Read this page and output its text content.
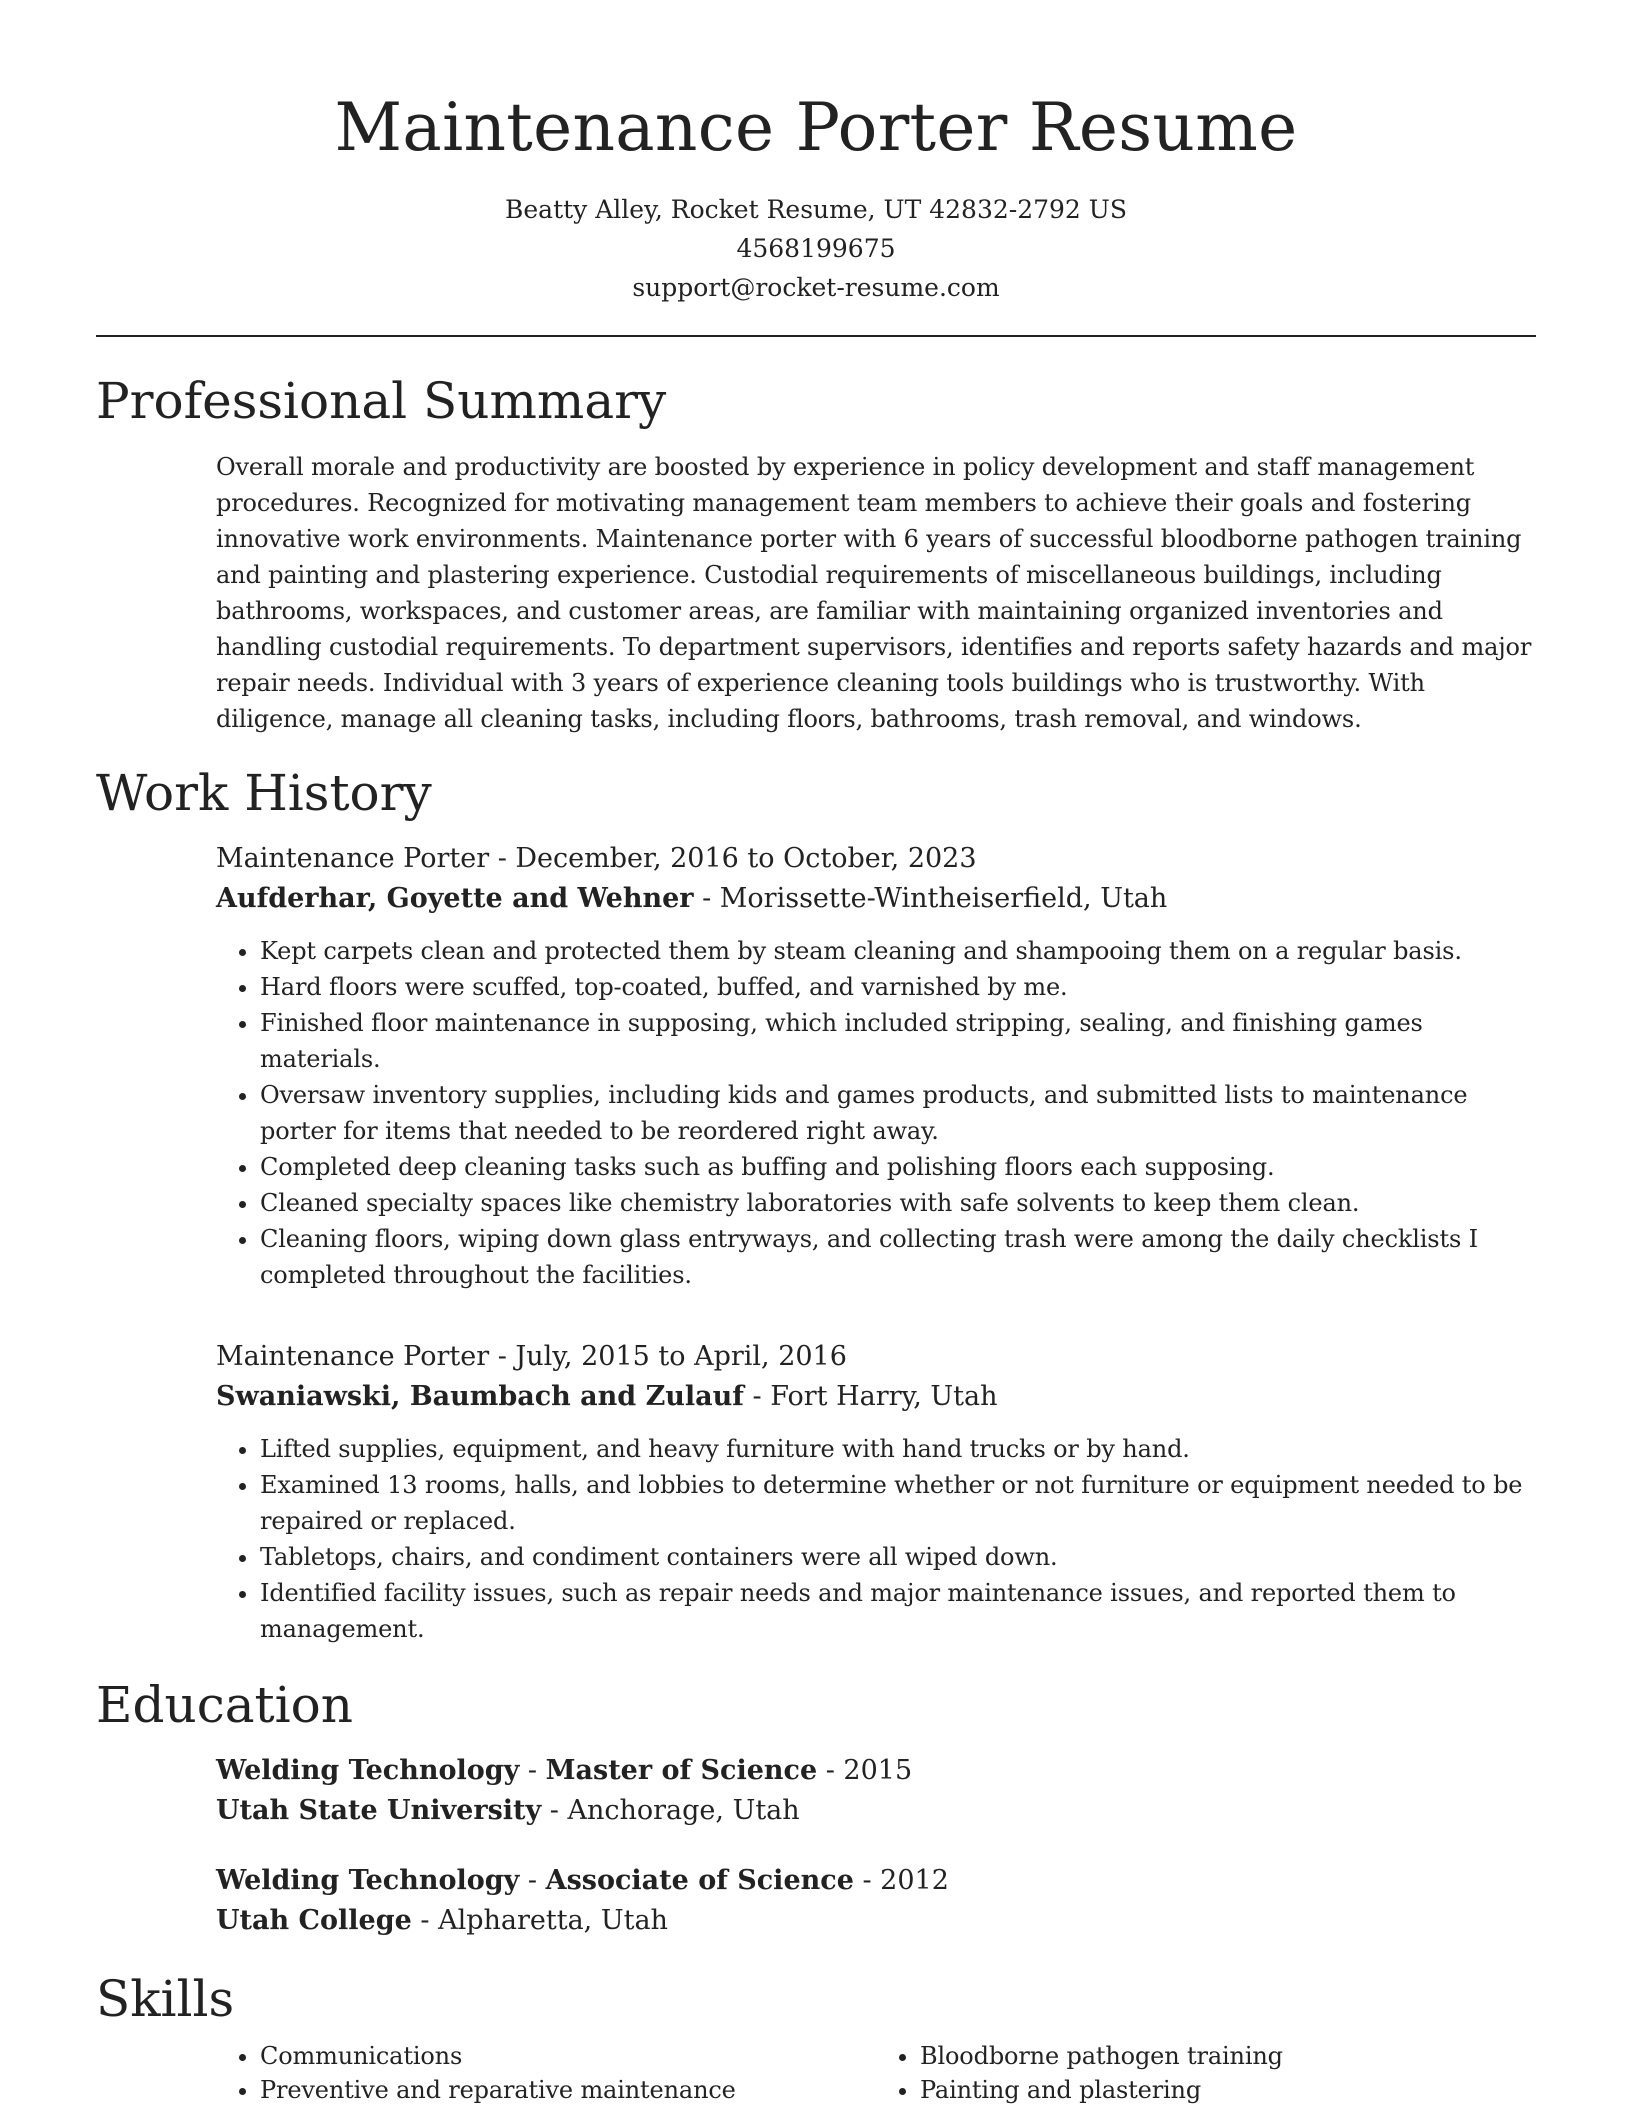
Maintenance Porter Resume
Beatty Alley, Rocket Resume, UT 42832-2792 US
4568199675
support@rocket-resume.com
Professional Summary
Overall morale and productivity are boosted by experience in policy development and staff management procedures. Recognized for motivating management team members to achieve their goals and fostering innovative work environments. Maintenance porter with 6 years of successful bloodborne pathogen training and painting and plastering experience. Custodial requirements of miscellaneous buildings, including bathrooms, workspaces, and customer areas, are familiar with maintaining organized inventories and handling custodial requirements. To department supervisors, identifies and reports safety hazards and major repair needs. Individual with 3 years of experience cleaning tools buildings who is trustworthy. With diligence, manage all cleaning tasks, including floors, bathrooms, trash removal, and windows.
Work History
Maintenance Porter - December, 2016 to October, 2023
Aufderhar, Goyette and Wehner - Morissette-Wintheiserfield, Utah
• Kept carpets clean and protected them by steam cleaning and shampooing them on a regular basis.
• Hard floors were scuffed, top-coated, buffed, and varnished by me.
• Finished floor maintenance in supposing, which included stripping, sealing, and finishing games materials.
• Oversaw inventory supplies, including kids and games products, and submitted lists to maintenance porter for items that needed to be reordered right away.
• Completed deep cleaning tasks such as buffing and polishing floors each supposing.
• Cleaned specialty spaces like chemistry laboratories with safe solvents to keep them clean.
• Cleaning floors, wiping down glass entryways, and collecting trash were among the daily checklists I completed throughout the facilities.
Maintenance Porter - July, 2015 to April, 2016
Swaniawski, Baumbach and Zulauf - Fort Harry, Utah
• Lifted supplies, equipment, and heavy furniture with hand trucks or by hand.
• Examined 13 rooms, halls, and lobbies to determine whether or not furniture or equipment needed to be repaired or replaced.
• Tabletops, chairs, and condiment containers were all wiped down.
• Identified facility issues, such as repair needs and major maintenance issues, and reported them to management.
Education
Welding Technology - Master of Science - 2015
Utah State University - Anchorage, Utah
Welding Technology - Associate of Science - 2012
Utah College - Alpharetta, Utah
Skills
• Communications
• Preventive and reparative maintenance
• Bloodborne pathogen training
• Painting and plastering
